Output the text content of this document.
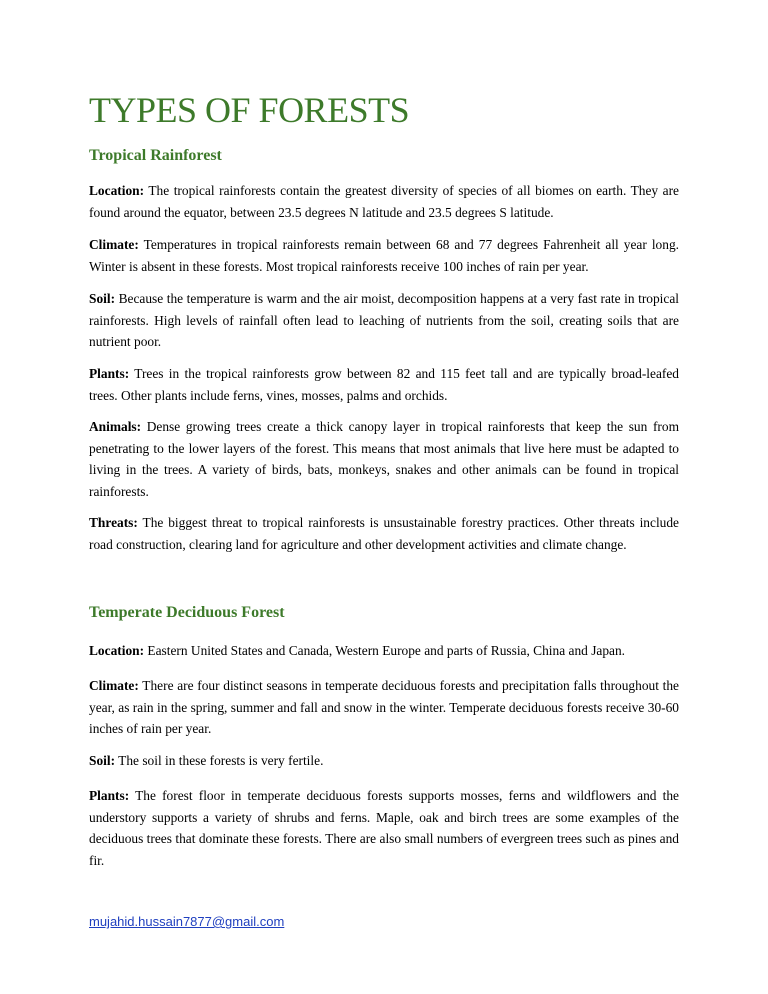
TYPES OF FORESTS
Tropical Rainforest

Location: The tropical rainforests contain the greatest diversity of species of all biomes on earth. They are found around the equator, between 23.5 degrees N latitude and 23.5 degrees S latitude.

Climate: Temperatures in tropical rainforests remain between 68 and 77 degrees Fahrenheit all year long. Winter is absent in these forests. Most tropical rainforests receive 100 inches of rain per year.

Soil: Because the temperature is warm and the air moist, decomposition happens at a very fast rate in tropical rainforests. High levels of rainfall often lead to leaching of nutrients from the soil, creating soils that are nutrient poor.

Plants: Trees in the tropical rainforests grow between 82 and 115 feet tall and are typically broad-leafed trees. Other plants include ferns, vines, mosses, palms and orchids.

Animals: Dense growing trees create a thick canopy layer in tropical rainforests that keep the sun from penetrating to the lower layers of the forest. This means that most animals that live here must be adapted to living in the trees. A variety of birds, bats, monkeys, snakes and other animals can be found in tropical rainforests.

Threats: The biggest threat to tropical rainforests is unsustainable forestry practices. Other threats include road construction, clearing land for agriculture and other development activities and climate change.

Temperate Deciduous Forest

Location: Eastern United States and Canada, Western Europe and parts of Russia, China and Japan.

Climate: There are four distinct seasons in temperate deciduous forests and precipitation falls throughout the year, as rain in the spring, summer and fall and snow in the winter. Temperate deciduous forests receive 30-60 inches of rain per year.

Soil: The soil in these forests is very fertile.

Plants: The forest floor in temperate deciduous forests supports mosses, ferns and wildflowers and the understory supports a variety of shrubs and ferns. Maple, oak and birch trees are some examples of the deciduous trees that dominate these forests. There are also small numbers of evergreen trees such as pines and fir.

mujahid.hussain7877@gmail.com
